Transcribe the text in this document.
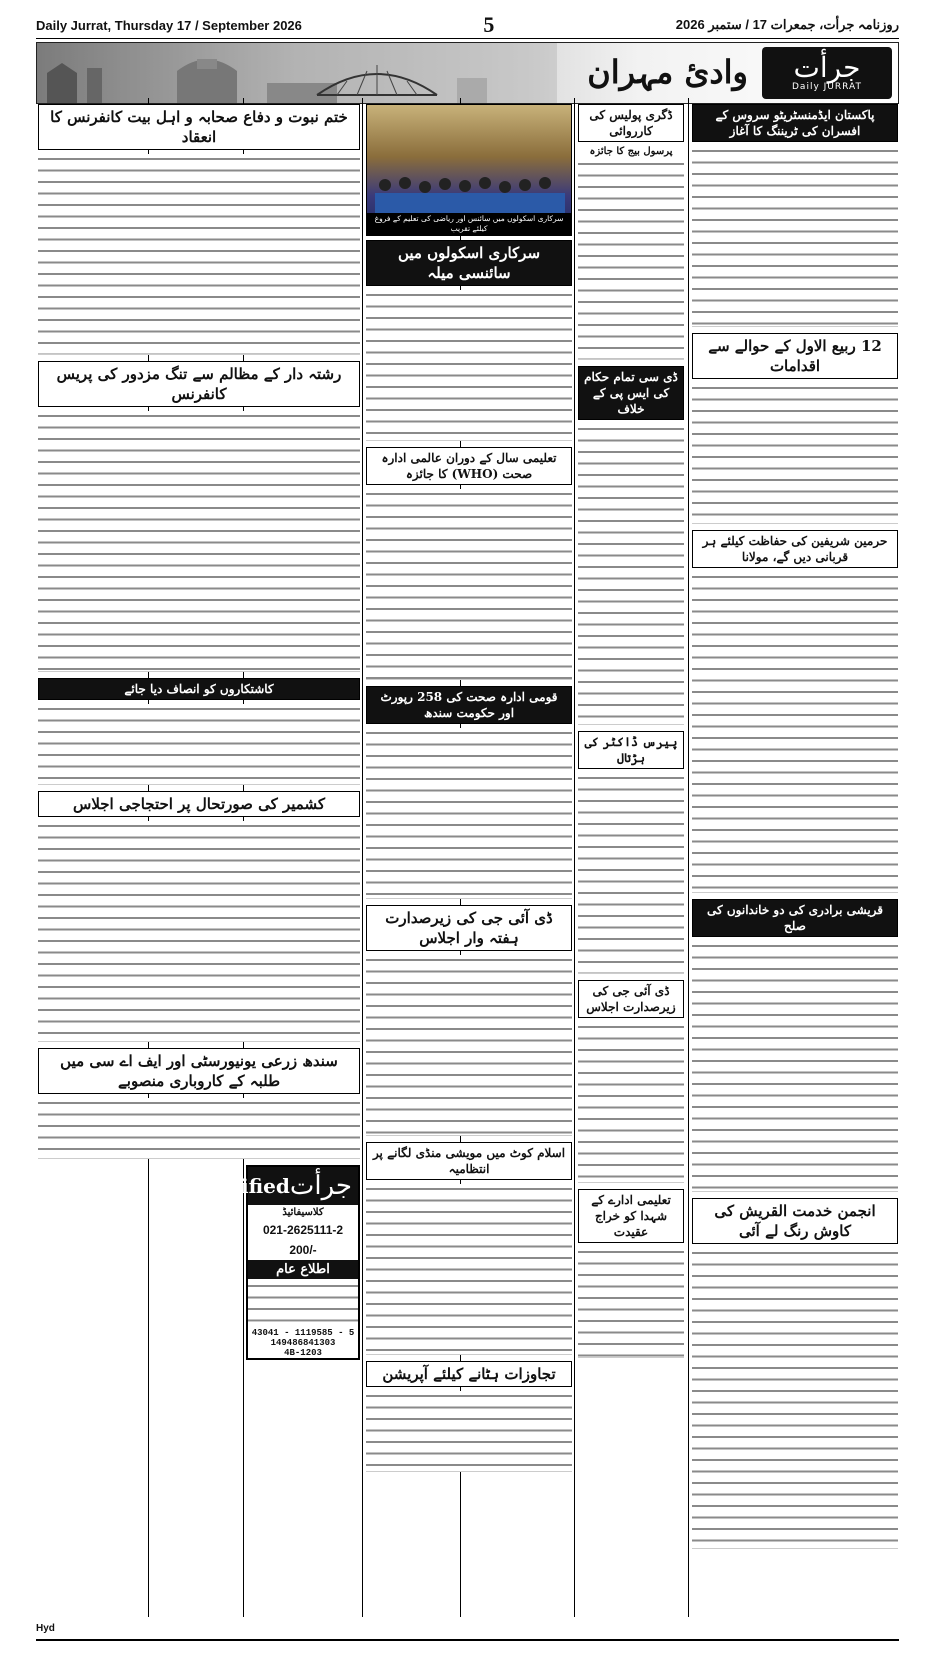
Daily Jurrat, Thursday 17 / September 2026	5	روزنامہ جرأت، جمعرات 17 / ستمبر 2026
وادیٔ مہران جرأت
Daily JURRAT
پاکستان ایڈمنسٹریٹو سروس کے افسران کی ٹریننگ کا آغاز
12 ربیع الاول کے حوالے سے اقدامات
حرمین شریفین کی حفاظت کیلئے ہر قربانی دیں گے، مولانا
قریشی برادری کی دو خاندانوں کی صلح
انجمن خدمت القریش کی کاوش رنگ لے آئی
ڈگری پولیس کی کارروائی
پرسول بیج کا جائزہ
ڈی سی تمام حکام کی ایس پی کے خلاف
پیرس ڈاکٹر کی ہڑتال
ڈی آئی جی کی زیرصدارت اجلاس
تعلیمی ادارے کے شہدا کو خراج عقیدت
سرکاری اسکولوں میں سائنس اور ریاضی کی تعلیم کے فروغ کیلئے تقریب
سرکاری اسکولوں میں سائنسی میلہ
تعلیمی سال کے دوران عالمی ادارہ صحت (WHO) کا جائزہ
قومی ادارہ صحت کی 258 رپورٹ اور حکومت سندھ
ڈی آئی جی کی زیرصدارت ہفتہ وار اجلاس
اسلام کوٹ میں مویشی منڈی لگانے پر انتظامیہ
تجاوزات ہٹانے کیلئے آپریشن
ختم نبوت و دفاع صحابہ و اہل بیت کانفرنس کا انعقاد
رشتہ دار کے مظالم سے تنگ مزدور کی پریس کانفرنس
کاشتکاروں کو انصاف دیا جائے
کشمیر کی صورتحال پر احتجاجی اجلاس
سندھ زرعی یونیورسٹی اور ایف اے سی میں طلبہ کے کاروباری منصوبے
جرأت
Classified
کلاسیفائیڈ
021-2625111-2
200/-
اطلاع عام
43041 - 1119585 - 5
149486841303
4B-1203
Hyd
